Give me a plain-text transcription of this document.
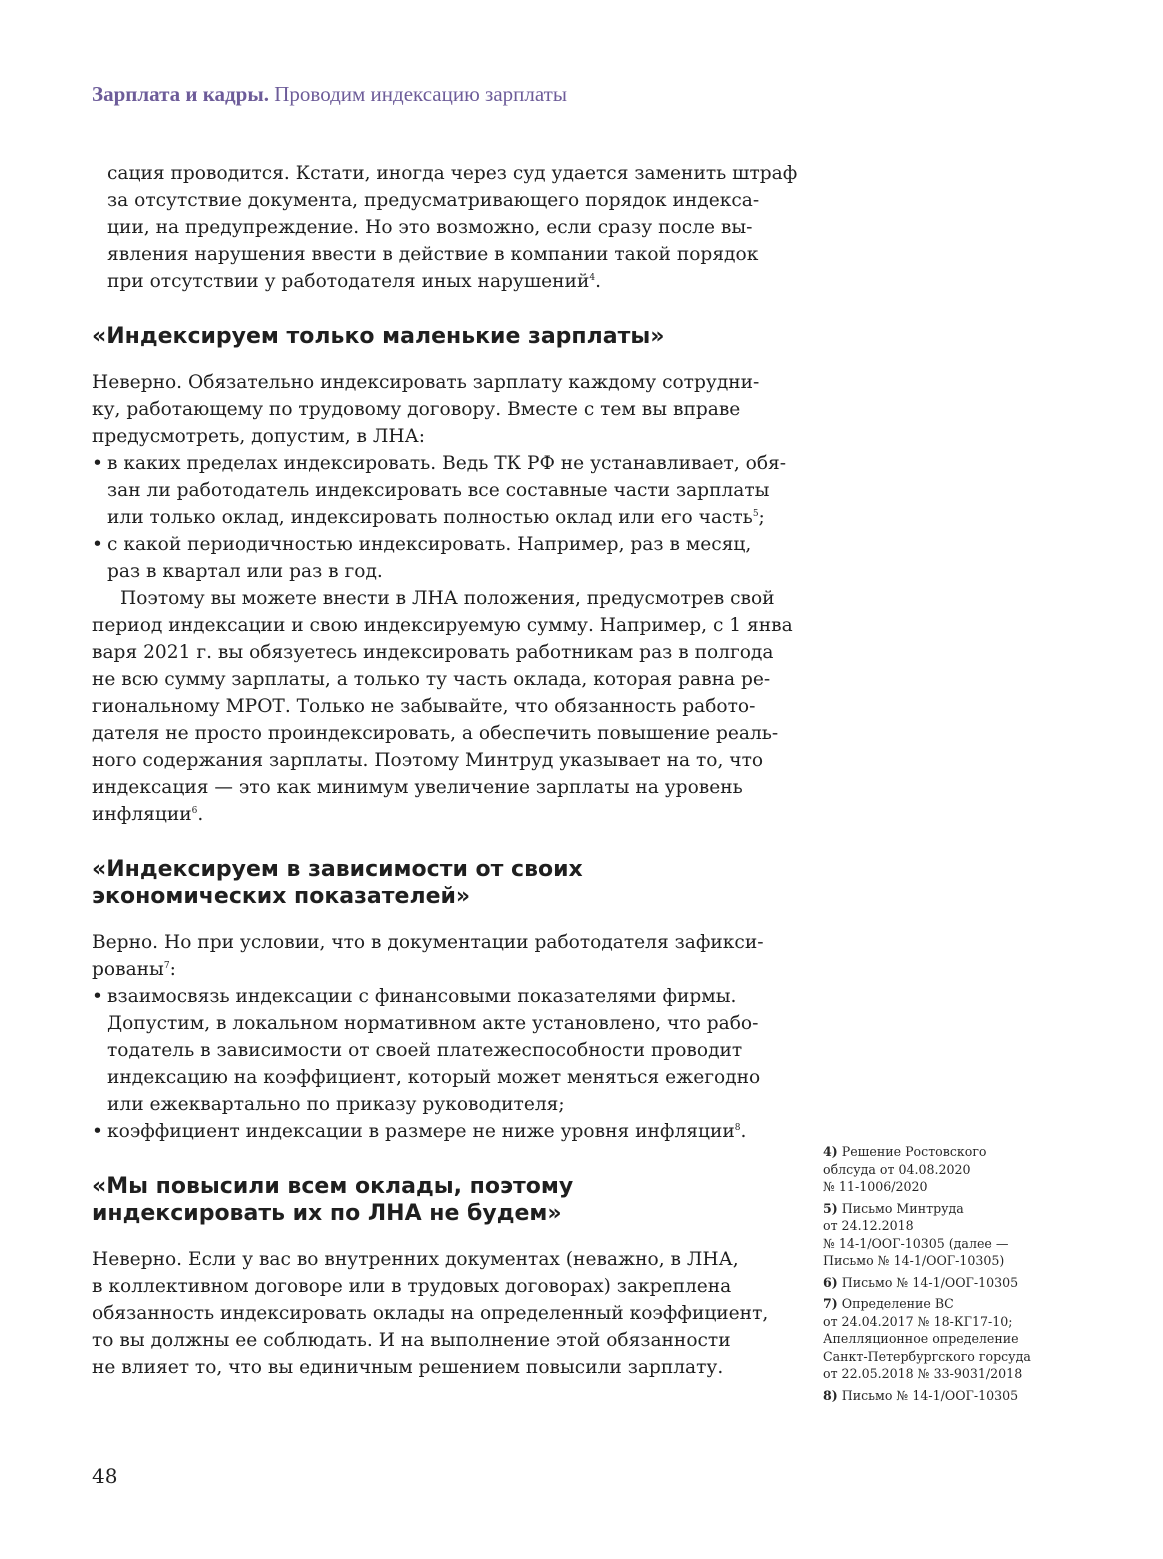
Зарплата и кадры. Проводим индексацию зарплаты

сация проводится. Кстати, иногда через суд удается заменить штраф
за отсутствие документа, предусматривающего порядок индекса-
ции, на предупреждение. Но это возможно, если сразу после вы-
явления нарушения ввести в действие в компании такой порядок
при отсутствии у работодателя иных нарушений$^4$.

«Индексируем только маленькие зарплаты»

Неверно. Обязательно индексировать зарплату каждому сотрудни-
ку, работающему по трудовому договору. Вместе с тем вы вправе
предусмотреть, допустим, в ЛНА:

• в каких пределах индексировать. Ведь ТК РФ не устанавливает, обя-
зан ли работодатель индексировать все составные части зарплаты
или только оклад, индексировать полностью оклад или его часть$^5$;
• с какой периодичностью индексировать. Например, раз в месяц,
раз в квартал или раз в год.

Поэтому вы можете внести в ЛНА положения, предусмотрев свой
период индексации и свою индексируемую сумму. Например, с 1 янва
варя 2021 г. вы обязуетесь индексировать работникам раз в полгода
не всю сумму зарплаты, а только ту часть оклада, которая равна ре-
гиональному МРОТ. Только не забывайте, что обязанность работо-
дателя не просто проиндексировать, а обеспечить повышение реаль-
ного содержания зарплаты. Поэтому Минтруд указывает на то, что
индексация — это как минимум увеличение зарплаты на уровень
инфляции$^6$.

«Индексируем в зависимости от своих
экономических показателей»

Верно. Но при условии, что в документации работодателя зафикси-
рованы$^7$:

• взаимосвязь индексации с финансовыми показателями фирмы.
Допустим, в локальном нормативном акте установлено, что рабо-
тодатель в зависимости от своей платежеспособности проводит
индексацию на коэффициент, который может меняться ежегодно
или ежеквартально по приказу руководителя;
• коэффициент индексации в размере не ниже уровня инфляции$^8$.
«Мы повысили всем оклады, поэтому
индексировать их по ЛНА не будем»

Неверно. Если у вас во внутренних документах (неважно, в ЛНА,
в коллективном договоре или в трудовых договорах) закреплена
обязанность индексировать оклады на определенный коэффициент,
то вы должны ее соблюдать. И на выполнение этой обязанности
не влияет то, что вы единичным решением повысили зарплату.

4) Решение Ростовского
облсуда от 04.08.2020
№ 11-1006/2020
5) Письмо Минтруда
от 24.12.2018
№ 14-1/ООГ-10305 (далее —
Письмо № 14-1/ООГ-10305)
6) Письмо № 14-1/ООГ-10305
7) Определение ВС
от 24.04.2017 № 18-КГ17-10;
Апелляционное определение
Санкт-Петербургского горсуда
от 22.05.2018 № 33-9031/2018
8) Письмо № 14-1/ООГ-10305
48
